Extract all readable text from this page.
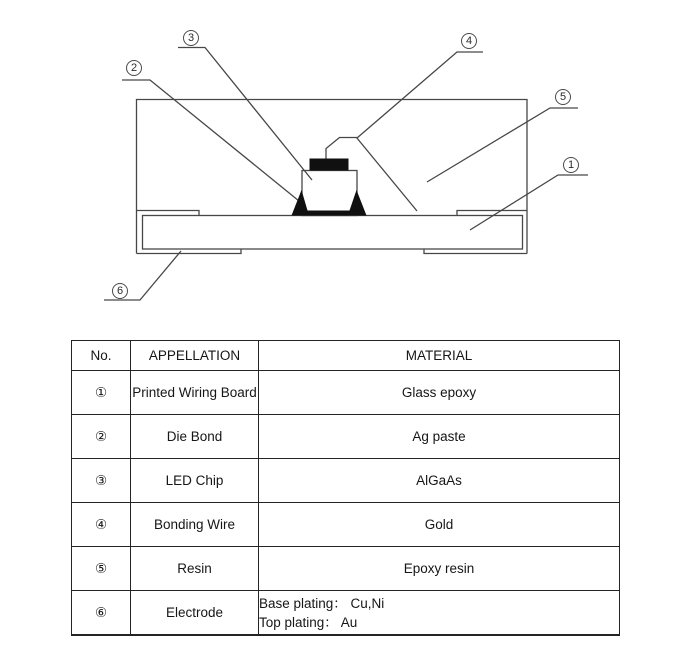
1
2
3	4
5
6
No.	APPELLATION	MATERIAL
①	Printed Wiring Board	Glass epoxy
②	Die Bond	Ag paste
③	LED Chip	AlGaAs
④	Bonding Wire	Gold
⑤	Resin	Epoxy resin
⑥	Electrode	Base plating： Cu,Ni
Top plating： Au
